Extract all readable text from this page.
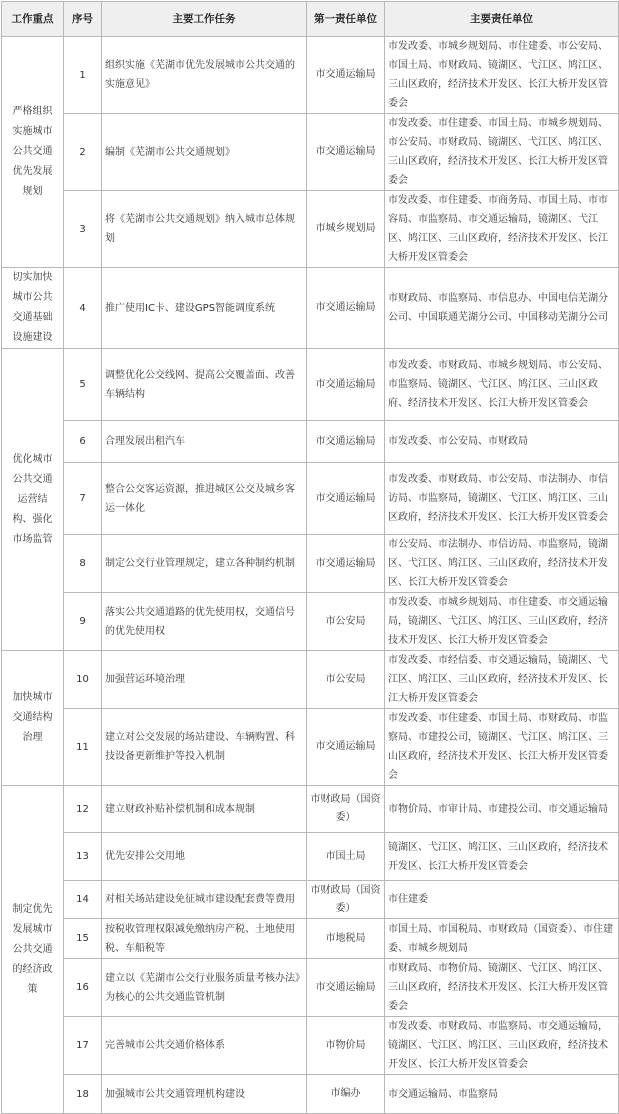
工作重点	序号	主要工作任务	第一责任单位	主要责任单位
严格组织实施城市公共交通优先发展规划	1	组织实施《芜湖市优先发展城市公共交通的实施意见》	市交通运输局	市发改委、市城乡规划局、市住建委、市公安局、市国土局、市财政局、镜湖区、弋江区、鸠江区、三山区政府，经济技术开发区、长江大桥开发区管委会
	2	编制《芜湖市公共交通规划》	市交通运输局	市发改委、市住建委、市国土局、市城乡规划局、市公安局、市财政局、镜湖区、弋江区、鸠江区、三山区政府，经济技术开发区、长江大桥开发区管委会
	3	将《芜湖市公共交通规划》纳入城市总体规划	市城乡规划局	市发改委、市住建委、市商务局、市国土局、市市容局、市监察局、市交通运输局，镜湖区、弋江区、鸠江区、三山区政府，经济技术开发区、长江大桥开发区管委会
切实加快城市公共交通基础设施建设	4	推广使用IC卡、建设GPS智能调度系统	市交通运输局	市财政局、市监察局、市信息办、中国电信芜湖分公司、中国联通芜湖分公司、中国移动芜湖分公司
优化城市公共交通运营结构、强化市场监管	5	调整优化公交线网、提高公交覆盖面、改善车辆结构	市交通运输局	市发改委、市财政局、市城乡规划局、市公安局、市监察局、镜湖区、弋江区、鸠江区、三山区政府、经济技术开发区、长江大桥开发区管委会
	6	合理发展出租汽车	市交通运输局	市发改委、市公安局、市财政局
	7	整合公交客运资源，推进城区公交及城乡客运一体化	市交通运输局	市发改委、市财政局、市公安局、市法制办、市信访局、市监察局，镜湖区、弋江区、鸠江区、三山区政府，经济技术开发区、长江大桥开发区管委会
	8	制定公交行业管理规定，建立各种制约机制	市交通运输局	市公安局、市法制办、市信访局、市监察局，镜湖区、弋江区、鸠江区、三山区政府，经济技术开发区、长江大桥开发区管委会
	9	落实公共交通道路的优先使用权，交通信号的优先使用权	市公安局	市发改委、市城乡规划局、市住建委、市交通运输局，镜湖区、弋江区、鸠江区、三山区政府，经济技术开发区、长江大桥开发区管委会
加快城市交通结构治理	10	加强营运环境治理	市公安局	市发改委、市经信委、市交通运输局，镜湖区、弋江区、鸠江区、三山区政府，经济技术开发区、长江大桥开发区管委会
	11	建立对公交发展的场站建设、车辆购置、科技设备更新维护等投入机制	市交通运输局	市发改委、市住建委、市国土局、市财政局、市监察局、市建投公司，镜湖区、弋江区、鸠江区、三山区政府，经济技术开发区、长江大桥开发区管委会
制定优先发展城市公共交通的经济政策	12	建立财政补贴补偿机制和成本规制	市财政局（国资委）	市物价局、市审计局、市建投公司、市交通运输局
	13	优先安排公交用地	市国土局	镜湖区、弋江区、鸠江区、三山区政府，经济技术开发区、长江大桥开发区管委会
	14	对相关场站建设免征城市建设配套费等费用	市财政局（国资委）	市住建委
	15	按税收管理权限减免缴纳房产税、土地使用税、车船税等	市地税局	市国土局、市国税局、市财政局（国资委）、市住建委、市城乡规划局
	16	建立以《芜湖市公交行业服务质量考核办法》为核心的公共交通监管机制	市交通运输局	市财政局、市物价局、镜湖区、弋江区、鸠江区、三山区政府，经济技术开发区、长江大桥开发区管委会
	17	完善城市公共交通价格体系	市物价局	市发改委、市财政局、市监察局、市交通运输局，镜湖区、弋江区、鸠江区、三山区政府，经济技术开发区、长江大桥开发区管委会
	18	加强城市公共交通管理机构建设	市编办	市交通运输局、市监察局
